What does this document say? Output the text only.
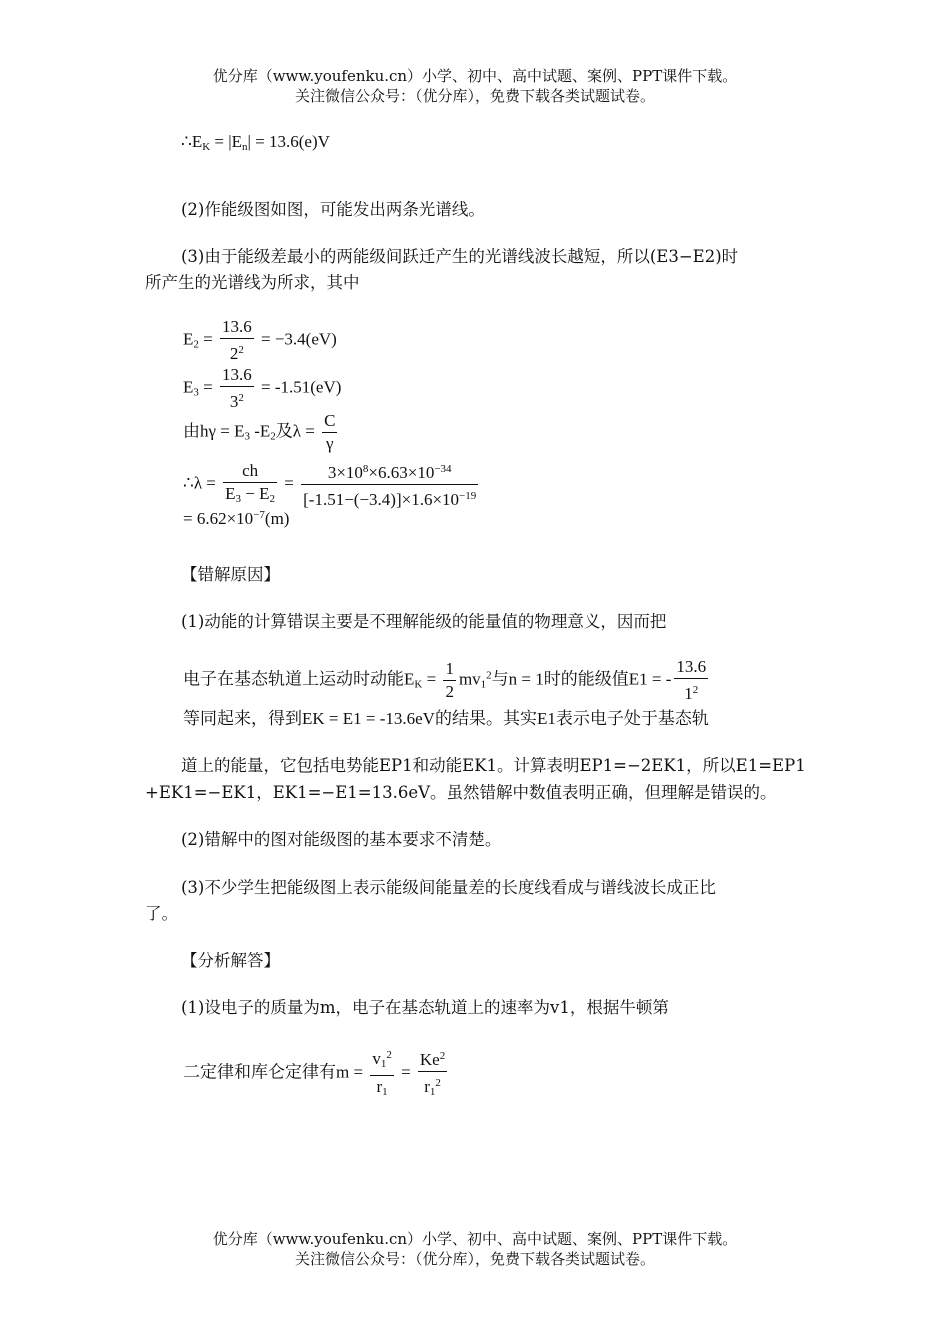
优分库（www.youfenku.cn）小学、初中、高中试题、案例、PPT课件下载。
关注微信公众号：（优分库），免费下载各类试题试卷。
$\therefore E_K = |E_n| = 13.6(e)V$
(2)作能级图如图，可能发出两条光谱线。
(3)由于能级差最小的两能级间跃迁产生的光谱线波长越短，所以(E3−E2)时
所产生的光谱线为所求，其中
$E_2 = \frac{13.6}{2^2} = -3.4(eV)$
$E_3 = \frac{13.6}{3^2} = -1.51(eV)$
由$h\gamma = E_3$ $-E_2$及$\lambda = \frac{C}{\gamma}$
∴λ = $\frac{ch}{E_3 - E_2} = \frac{3\times 10^8\times 6.63\times 10^{-34}}{[-1.51-(-3.4)]\times 1.6\times 10^{-19}}$
= $6.62\times 10^{-7}(m)$
【错解原因】
(1)动能的计算错误主要是不理解能级的能量值的物理意义，因而把
电子在基态轨道上运动时动能$E_K = \frac{1}{2} mv_1^2$与n = 1时的能级值E1 = - $\frac{13.6}{1^2}$
等同起来，得到EK = E1 = -13.6eV的结果。其实E1表示电子处于基态轨
道上的能量，它包括电势能EP1和动能EK1。计算表明EP1=−2EK1，所以E1=EP1
+EK1=−EK1，EK1=−E1=13.6eV。虽然错解中数值表明正确，但理解是错误的。
(2)错解中的图对能级图的基本要求不清楚。
(3)不少学生把能级图上表示能级间能量差的长度线看成与谱线波长成正比
了。
【分析解答】
(1)设电子的质量为m，电子在基态轨道上的速率为v1，根据牛顿第
二定律和库仑定律有$m = \frac{v_1^2}{r_1} = \frac{Ke^2}{r_1^2}$
优分库（www.youfenku.cn）小学、初中、高中试题、案例、PPT课件下载。
关注微信公众号：（优分库），免费下载各类试题试卷。
